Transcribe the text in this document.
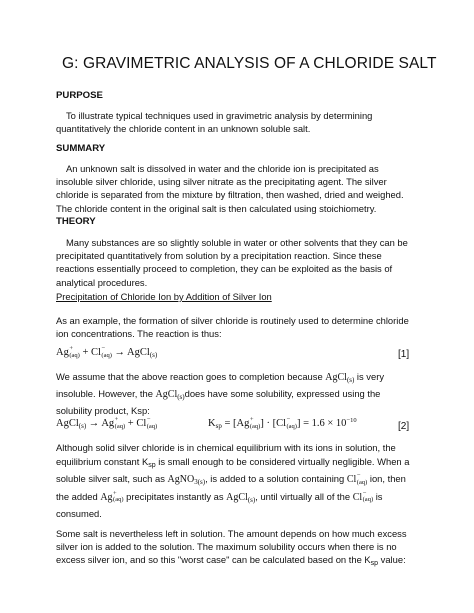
G: GRAVIMETRIC ANALYSIS OF A CHLORIDE SALT
PURPOSE
To illustrate typical techniques used in gravimetric analysis by determining quantitatively the chloride content in an unknown soluble salt.
SUMMARY
An unknown salt is dissolved in water and the chloride ion is precipitated as insoluble silver chloride, using silver nitrate as the precipitating agent. The silver chloride is separated from the mixture by filtration, then washed, dried and weighed. The chloride content in the original salt is then calculated using stoichiometry.
THEORY
Many substances are so slightly soluble in water or other solvents that they can be precipitated quantitatively from solution by a precipitation reaction. Since these reactions essentially proceed to completion, they can be exploited as the basis of analytical procedures.
Precipitation of Chloride Ion by Addition of Silver Ion
As an example, the formation of silver chloride is routinely used to determine chloride ion concentrations. The reaction is thus:
Ag +
(aq) + Cl −
(aq) → AgCl$_{(s)}$	[1]
We assume that the above reaction goes to completion because AgCl$_{(s)}$ is very insoluble. However, the AgCl$_{(s)}$does have some solubility, expressed using the solubility product, Ksp:
AgCl$_{(s)}$ → Ag +
(aq) + Cl −
(aq)	$K_{sp} = [Ag$ +
(aq) ] · [Cl −
(aq) ] = $1.6 \times 10^{-10}$
[2]
Although solid silver chloride is in chemical equilibrium with its ions in solution, the equilibrium constant $K_{sp}$ is small enough to be considered virtually negligible. When a soluble silver salt, such as AgNO$_{3(s)}$, is added to a solution containing Cl −
(aq) ion, then the added Ag +
(aq) precipitates instantly as AgCl$_{(s)}$, until virtually all of the Cl −
(aq) is consumed.
Some salt is nevertheless left in solution. The amount depends on how much excess silver ion is added to the solution. The maximum solubility occurs when there is no excess silver ion, and so this "worst case" can be calculated based on the $K_{sp}$ value:
